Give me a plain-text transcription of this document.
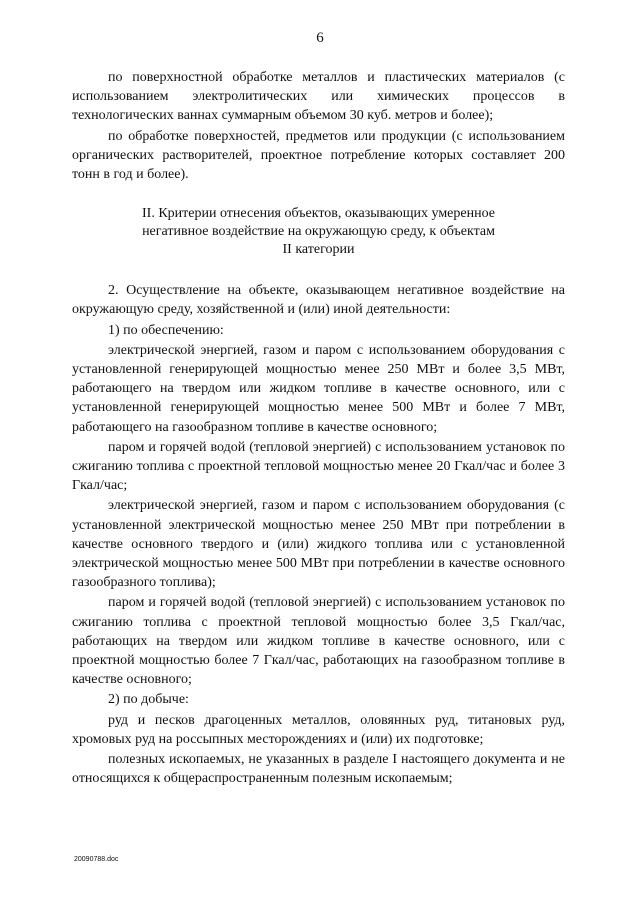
6

по поверхностной обработке металлов и пластических материалов (с использованием электролитических или химических процессов в технологических ваннах суммарным объемом 30 куб. метров и более);

по обработке поверхностей, предметов или продукции (с использованием органических растворителей, проектное потребление которых составляет 200 тонн в год и более).

II. Критерии отнесения объектов, оказывающих умеренное
негативное воздействие на окружающую среду, к объектам
II категории

2. Осуществление на объекте, оказывающем негативное воздействие на окружающую среду, хозяйственной и (или) иной деятельности:

1) по обеспечению:

электрической энергией, газом и паром с использованием оборудования с установленной генерирующей мощностью менее 250 МВт и более 3,5 МВт, работающего на твердом или жидком топливе в качестве основного, или с установленной генерирующей мощностью менее 500 МВт и более 7 МВт, работающего на газообразном топливе в качестве основного;

паром и горячей водой (тепловой энергией) с использованием установок по сжиганию топлива с проектной тепловой мощностью менее 20 Гкал/час и более 3 Гкал/час;

электрической энергией, газом и паром с использованием оборудования (с установленной электрической мощностью менее 250 МВт при потреблении в качестве основного твердого и (или) жидкого топлива или с установленной электрической мощностью менее 500 МВт при потреблении в качестве основного газообразного топлива);

паром и горячей водой (тепловой энергией) с использованием установок по сжиганию топлива с проектной тепловой мощностью более 3,5 Гкал/час, работающих на твердом или жидком топливе в качестве основного, или с проектной мощностью более 7 Гкал/час, работающих на газообразном топливе в качестве основного;

2) по добыче:

руд и песков драгоценных металлов, оловянных руд, титановых руд, хромовых руд на россыпных месторождениях и (или) их подготовке;

полезных ископаемых, не указанных в разделе I настоящего документа и не относящихся к общераспространенным полезным ископаемым;

20090788.doc
